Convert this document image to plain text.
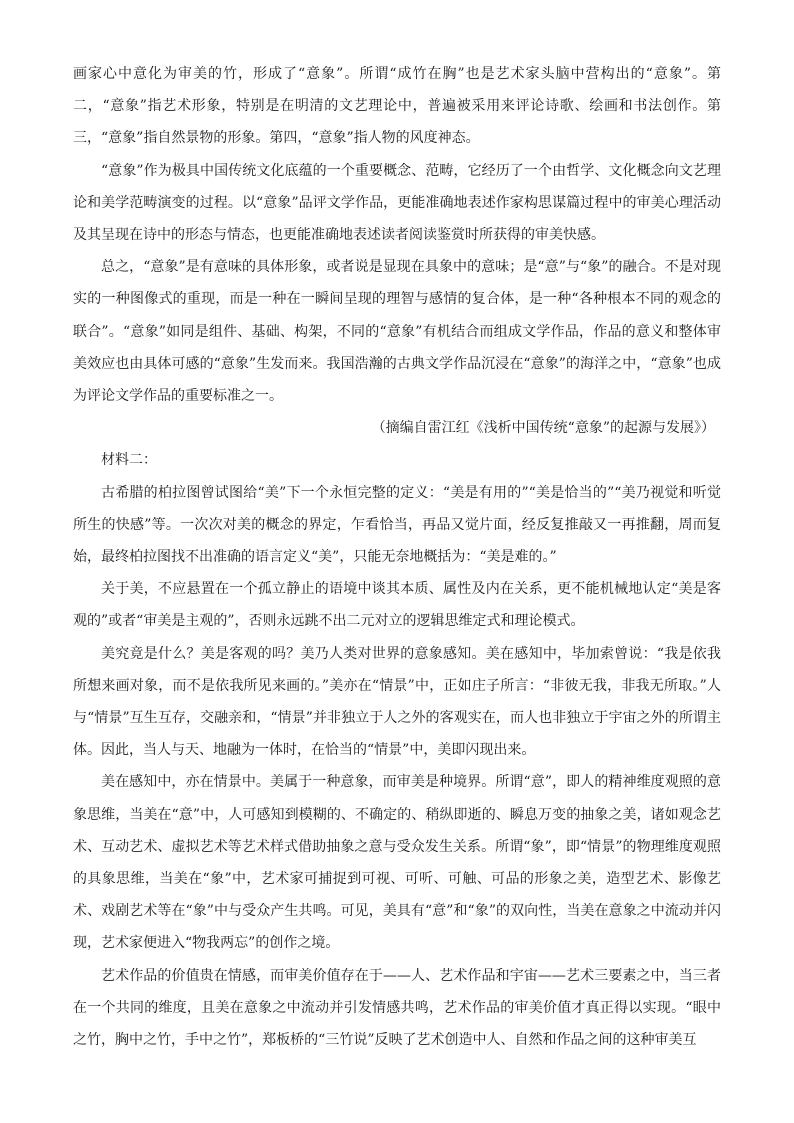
画家心中意化为审美的竹，形成了“意象”。所谓“成竹在胸”也是艺术家头脑中营构出的“意象”。第二，“意象”指艺术形象，特别是在明清的文艺理论中，普遍被采用来评论诗歌、绘画和书法创作。第三，“意象”指自然景物的形象。第四，“意象”指人物的风度神态。

“意象”作为极具中国传统文化底蕴的一个重要概念、范畴，它经历了一个由哲学、文化概念向文艺理论和美学范畴演变的过程。以“意象”品评文学作品，更能准确地表述作家构思谋篇过程中的审美心理活动及其呈现在诗中的形态与情态，也更能准确地表述读者阅读鉴赏时所获得的审美快感。

总之，“意象”是有意味的具体形象，或者说是显现在具象中的意味；是“意”与“象”的融合。不是对现实的一种图像式的重现，而是一种在一瞬间呈现的理智与感情的复合体，是一种“各种根本不同的观念的联合”。“意象”如同是组件、基础、构架，不同的“意象”有机结合而组成文学作品，作品的意义和整体审美效应也由具体可感的“意象”生发而来。我国浩瀚的古典文学作品沉浸在“意象”的海洋之中，“意象”也成为评论文学作品的重要标准之一。

（摘编自雷江红《浅析中国传统“意象”的起源与发展》）

材料二：

古希腊的柏拉图曾试图给“美”下一个永恒完整的定义：“美是有用的”“美是恰当的”“美乃视觉和听觉所生的快感”等。一次次对美的概念的界定，乍看恰当，再品又觉片面，经反复推敲又一再推翻，周而复始，最终柏拉图找不出准确的语言定义“美”，只能无奈地概括为：“美是难的。”

关于美，不应悬置在一个孤立静止的语境中谈其本质、属性及内在关系，更不能机械地认定“美是客观的”或者“审美是主观的”，否则永远跳不出二元对立的逻辑思维定式和理论模式。

美究竟是什么？美是客观的吗？美乃人类对世界的意象感知。美在感知中，毕加索曾说：“我是依我所想来画对象，而不是依我所见来画的。”美亦在“情景”中，正如庄子所言：“非彼无我，非我无所取。”人与“情景”互生互存，交融亲和，“情景”并非独立于人之外的客观实在，而人也非独立于宇宙之外的所谓主体。因此，当人与天、地融为一体时，在恰当的“情景”中，美即闪现出来。

美在感知中，亦在情景中。美属于一种意象，而审美是种境界。所谓“意”，即人的精神维度观照的意象思维，当美在“意”中，人可感知到模糊的、不确定的、稍纵即逝的、瞬息万变的抽象之美，诸如观念艺术、互动艺术、虚拟艺术等艺术样式借助抽象之意与受众发生关系。所谓“象”，即“情景”的物理维度观照的具象思维，当美在“象”中，艺术家可捕捉到可视、可听、可触、可品的形象之美，造型艺术、影像艺术、戏剧艺术等在“象”中与受众产生共鸣。可见，美具有“意”和“象”的双向性，当美在意象之中流动并闪现，艺术家便进入“物我两忘”的创作之境。

艺术作品的价值贵在情感，而审美价值存在于——人、艺术作品和宇宙——艺术三要素之中，当三者在一个共同的维度，且美在意象之中流动并引发情感共鸣，艺术作品的审美价值才真正得以实现。“眼中之竹，胸中之竹，手中之竹”，郑板桥的“三竹说”反映了艺术创造中人、自然和作品之间的这种审美互
